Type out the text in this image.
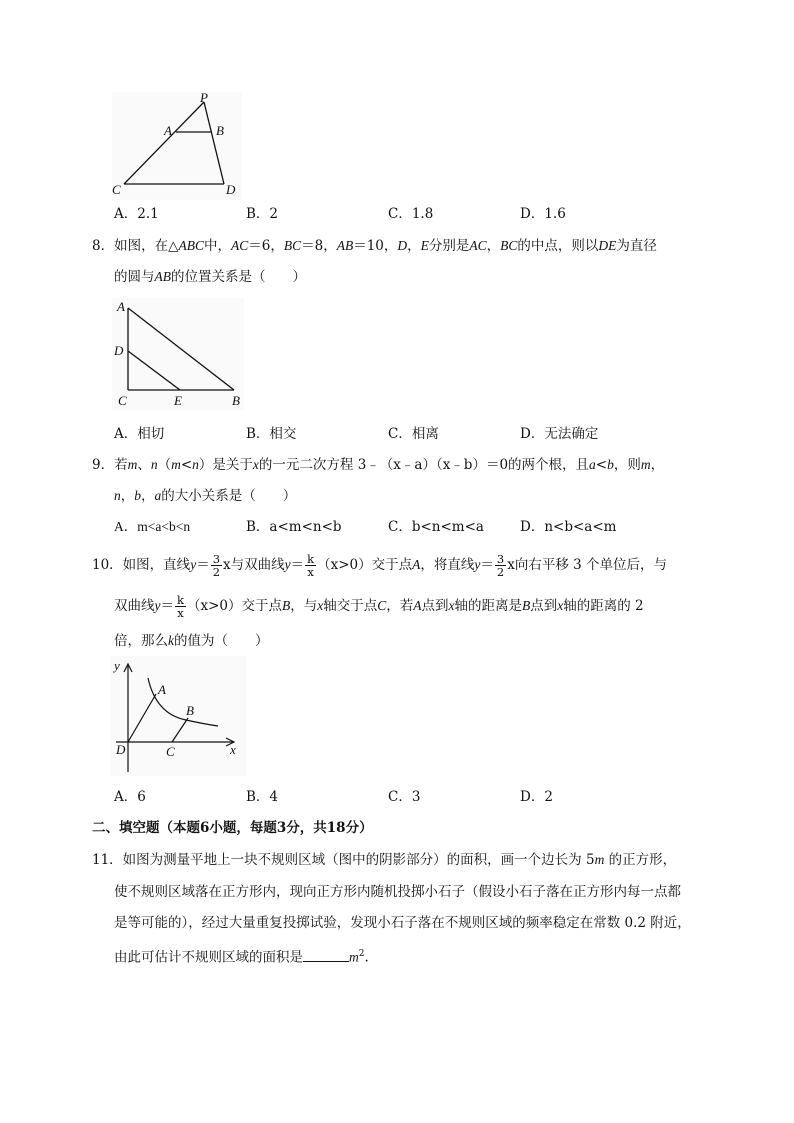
P
A	B
C	D
A．2.1	B．2	C．1.8	D．1.6
8．如图，在△ABC中，AC＝6，BC＝8，AB＝10，D，E分别是AC，BC的中点，则以DE为直径
的圆与AB的位置关系是（　　）
A
D
C	E	B
A．相切	B．相交	C．相离	D．无法确定
9．若m、n（m<n）是关于x的一元二次方程 3﹣（x﹣a）（x﹣b）＝0的两个根，且a<b，则m，
n，b，a的大小关系是（　　）
A．m<a<b<n	B．a<m<n<b	C．b<n<m<a	D．n<b<a<m
10．如图，直线$y= \frac{3}{2}$ x与双曲线$y= \frac{k}{x} (x>0)$交于点A，将直线$y= \frac{3}{2}$ x向右平移 3 个单位后，与
双曲线$y= \frac{k}{x} (x>0)$交于点B，与x轴交于点C，若A点到x轴的距离是B点到x轴的距离的 2
倍，那么k的值为（　　）
y
x
A
B
C
D
A．6	B．4	C．3	D．2
二、填空题（本题6小题，每题3分，共18分）
11．如图为测量平地上一块不规则区域（图中的阴影部分）的面积，画一个边长为 5m 的正方形，
使不规则区域落在正方形内，现向正方形内随机投掷小石子（假设小石子落在正方形内每一点都
是等可能的），经过大量重复投掷试验，发现小石子落在不规则区域的频率稳定在常数 0.2 附近，
由此可估计不规则区域的面积是	$m^2$.
